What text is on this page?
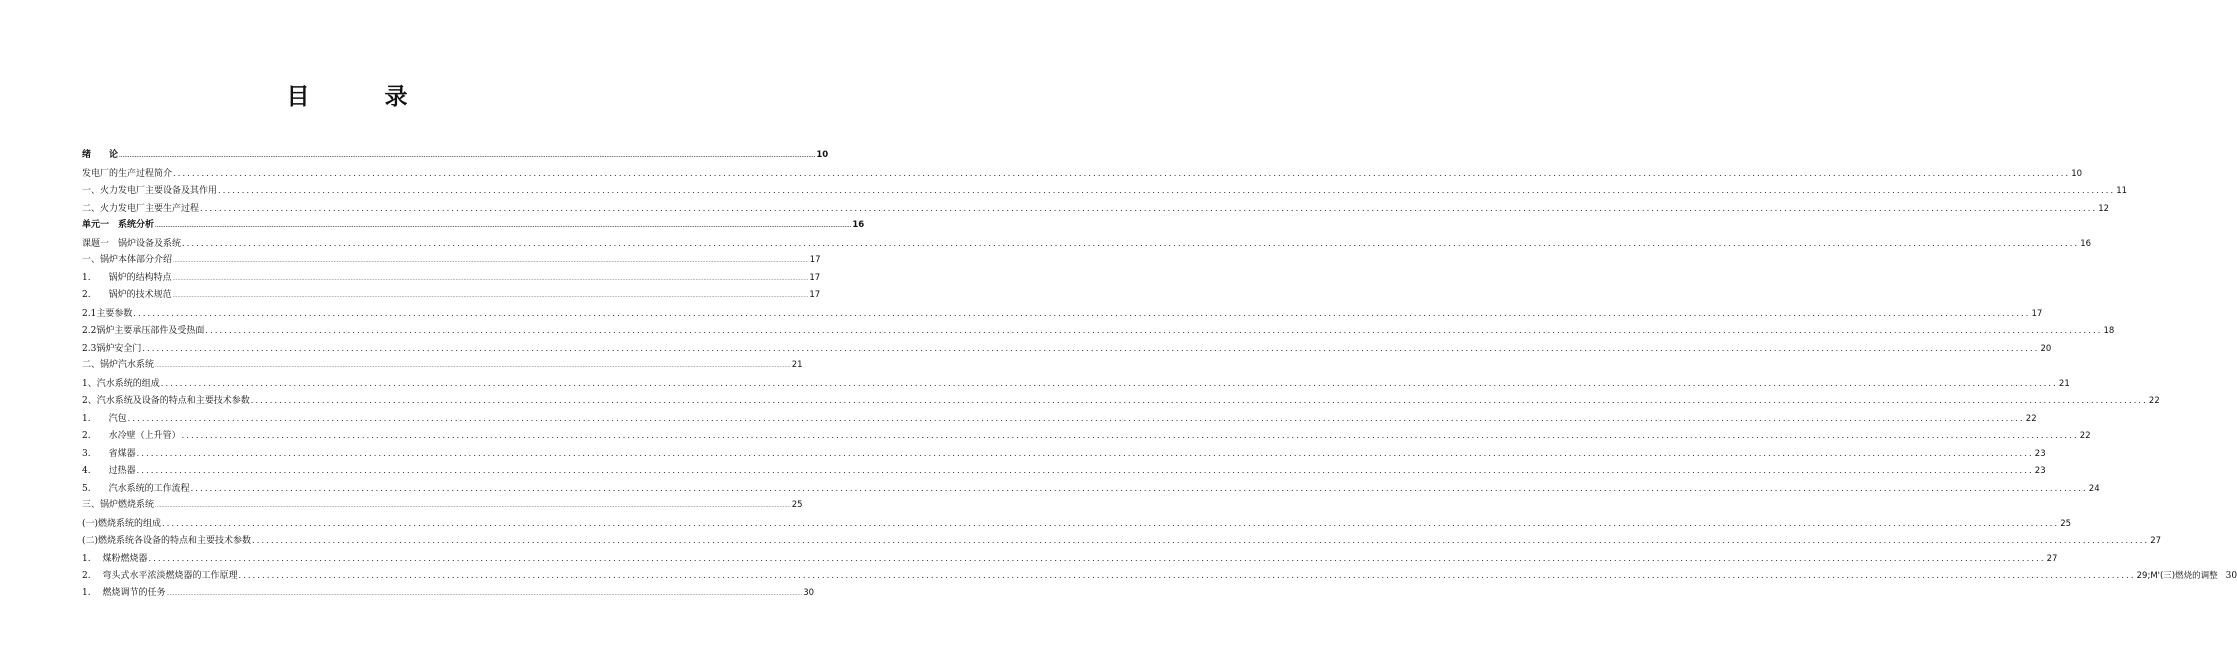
目　录
绪　　论 ................................................................................................................................................................................................................................................................................................................................................................................................................ 10
发电厂的生产过程简介 ................................................................................................................................................................................................................................................................................................................................................................................................................ 10
一、火力发电厂主要设备及其作用 ................................................................................................................................................................................................................................................................................................................................................................................................................ 11
二、火力发电厂主要生产过程 ................................................................................................................................................................................................................................................................................................................................................................................................................ 12
单元一　系统分析 ................................................................................................................................................................................................................................................................................................................................................................................................................ 16
课题一　锅炉设备及系统 ................................................................................................................................................................................................................................................................................................................................................................................................................ 16
一、锅炉本体部分介绍 ................................................................................................................................................................................................................................................................................................................................................................................................................ 17
1.　　锅炉的结构特点 ................................................................................................................................................................................................................................................................................................................................................................................................................ 17
2.　　锅炉的技术规范 ................................................................................................................................................................................................................................................................................................................................................................................................................ 17
2.1主要参数 ................................................................................................................................................................................................................................................................................................................................................................................................................ 17
2.2锅炉主要承压部件及受热面 ................................................................................................................................................................................................................................................................................................................................................................................................................ 18
2.3锅炉安全门 ................................................................................................................................................................................................................................................................................................................................................................................................................ 20
二、锅炉汽水系统 ................................................................................................................................................................................................................................................................................................................................................................................................................ 21
1、汽水系统的组成 ................................................................................................................................................................................................................................................................................................................................................................................................................ 21
2、汽水系统及设备的特点和主要技术参数 ................................................................................................................................................................................................................................................................................................................................................................................................................ 22
1.　　汽包 ................................................................................................................................................................................................................................................................................................................................................................................................................ 22
2.　　水冷壁（上升管） ................................................................................................................................................................................................................................................................................................................................................................................................................ 22
3.　　省煤器 ................................................................................................................................................................................................................................................................................................................................................................................................................ 23
4.　　过热器 ................................................................................................................................................................................................................................................................................................................................................................................................................ 23
5.　　汽水系统的工作流程 ................................................................................................................................................................................................................................................................................................................................................................................................................ 24
三、锅炉燃烧系统 ................................................................................................................................................................................................................................................................................................................................................................................................................ 25
(一)燃烧系统的组成 ................................................................................................................................................................................................................................................................................................................................................................................................................ 25
(二)燃烧系统各设备的特点和主要技术参数 ................................................................................................................................................................................................................................................................................................................................................................................................................ 27
1.　 煤粉燃烧器 ................................................................................................................................................................................................................................................................................................................................................................................................................ 27
2.　 弯头式水平浓淡燃烧器的工作原理 ................................................................................................................................................................................................................................................................................................................................................................................................................ 29;M'(三)燃烧的调整 30
1.　 燃烧调节的任务 ................................................................................................................................................................................................................................................................................................................................................................................................................ 30
